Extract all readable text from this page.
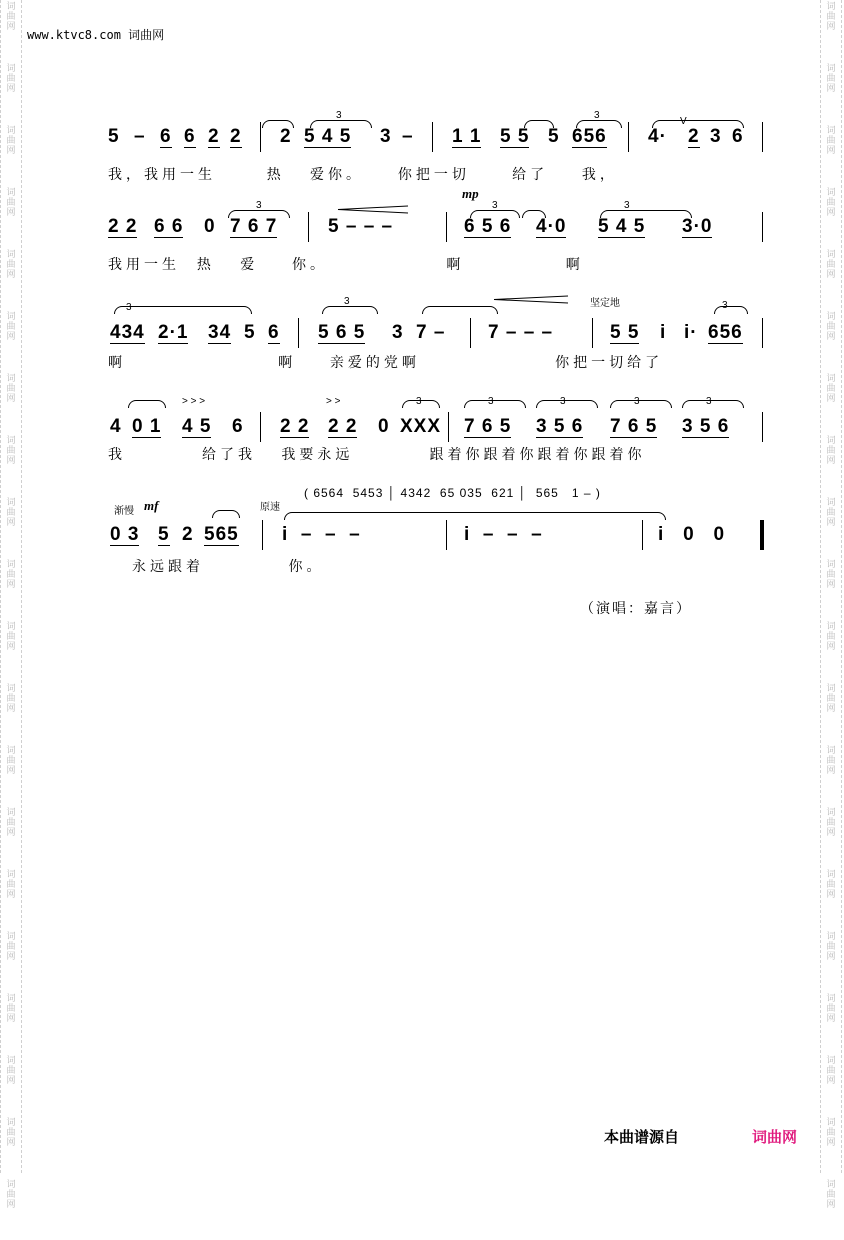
词
曲
网
词
曲
网
词
曲
网
词
曲
网
词
曲
网
词
曲
网
词
曲
网
词
曲
网
词
曲
网
词
曲
网
词
曲
网
词
曲
网
词
曲
网
词
曲
网
词
曲
网
词
曲
网
词
曲
网
词
曲
网
词
曲
网
词
曲
网
词
曲
网
词
曲
网
词
曲
网
词
曲
网
词
曲
网
词
曲
网
词
曲
网
词
曲
网
词
曲
网
词
曲
网
词
曲
网
词
曲
网
词
曲
网
词
曲
网
词
曲
网
词
曲
网
词
曲
网
词
曲
网
词
曲
网
词
曲
网
www.ktvc8.com 词曲网
3	3
V

5

–

6

6

2

2

2

5 4 5

3

–

1 1

5 5

5

656

4·

2

3

6

我，我用一生      热   爱你。    你把一切     给了    我，
3
mp
3	3

2 2

6 6

0

7 6 7

	5 – – –

	6 5 6

4·0

5 4 5

3·0

我用一生  热   爱    你。              啊            啊
3
3	坚定地	3

434

2·1

34

5

6

5 6 5

3

7 –

7 – – –

	5 5

i

i·

656

啊                  啊    亲爱的党啊                你把一切给了
> > >	> >	3	3	3	3	3

4

0 1

4 5

6

2 2

2 2

0

XXX

7 6 5

3 5 6

7 6 5

3 5 6

我         给了我   我要永远         跟着你跟着你跟着你跟着你
渐慢 mf	原速
( 6564  5453 │ 4342  65 035  621 │  565   1 – )

0 3

5

2

565

i  –  –  –

	i  –  –  –

	i   0   0

永远跟着          你。
（演唱：嘉言）
本曲谱源自	词曲网
